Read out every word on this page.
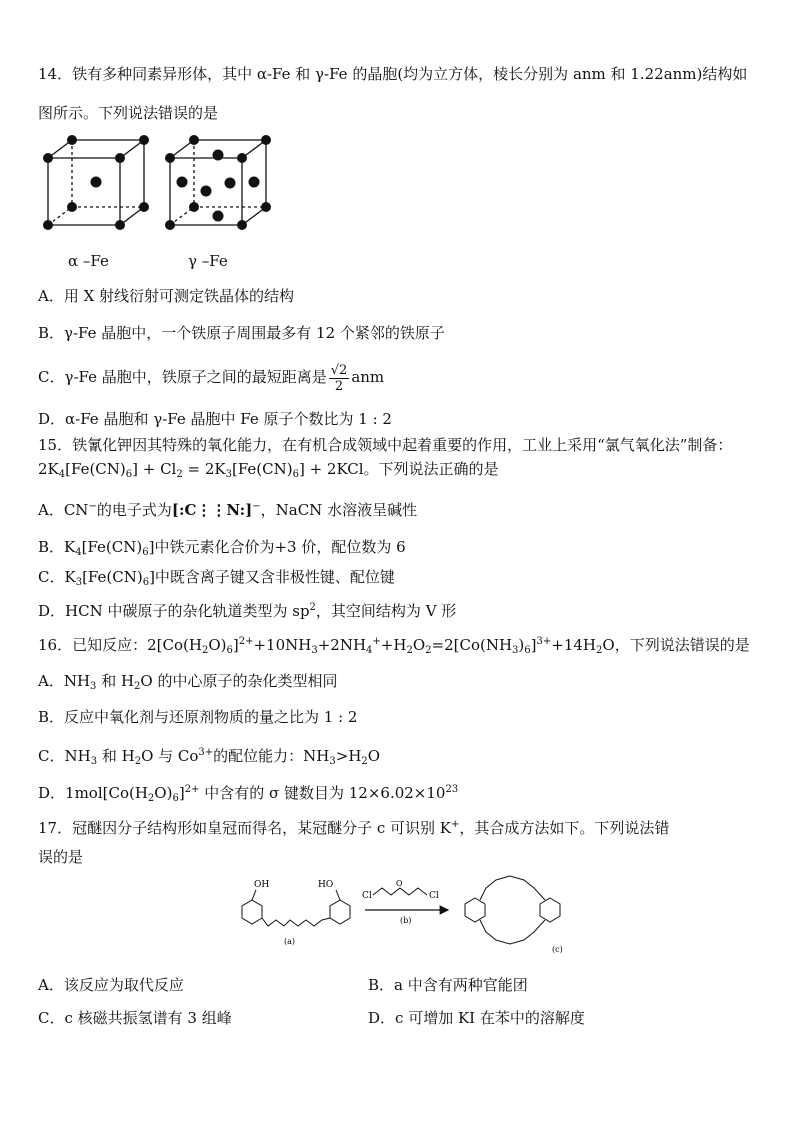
14．铁有多种同素异形体，其中 α-Fe 和 γ-Fe 的晶胞(均为立方体，棱长分别为 anm 和 1.22anm)结构如
图所示。下列说法错误的是
α –Fe	γ –Fe
A．用 X 射线衍射可测定铁晶体的结构
B．γ-Fe 晶胞中，一个铁原子周围最多有 12 个紧邻的铁原子
C．γ-Fe 晶胞中，铁原子之间的最短距离是 $\frac{√2}{2}$ anm
D．α-Fe 晶胞和 γ-Fe 晶胞中 Fe 原子个数比为 1 : 2
15．铁氰化钾因其特殊的氧化能力，在有机合成领域中起着重要的作用，工业上采用“氯气氧化法”制备：
$2K_4[Fe(CN)_6] + Cl_2 = 2K_3[Fe(CN)_6] + 2KCl$。下列说法正确的是
A．CN−的电子式为[:C⋮⋮N:]−，NaCN 水溶液呈碱性
B．$K_4[Fe(CN)_6]$中铁元素化合价为+3 价，配位数为 6
C．$K_3[Fe(CN)_6]$中既含离子键又含非极性键、配位键
D．HCN 中碳原子的杂化轨道类型为 $sp^2$，其空间结构为 V 形
16．已知反应：$2[Co(H_2O)_6]^{2+}+10NH_3+2NH_4^++H_2O_2=2[Co(NH_3)_6]^{3+}+14H_2O$，下列说法错误的是
A．$NH_3$ 和 $H_2O$ 的中心原子的杂化类型相同
B．反应中氧化剂与还原剂物质的量之比为 1 : 2
C．$NH_3$ 和 $H_2O$ 与 $Co^{3+}$的配位能力：$NH_3>H_2O$
D．$1mol[Co(H_2O)_6]^{2+}$ 中含有的 σ 键数目为 $12\times 6.02\times 10^{23}$
17．冠醚因分子结构形如皇冠而得名，某冠醚分子 c 可识别 K+，其合成方法如下。下列说法错
误的是
OH	HO
(a)
Cl	Cl
O
(b)
(c)
A．该反应为取代反应	B．a 中含有两种官能团
C．c 核磁共振氢谱有 3 组峰	D．c 可增加 KI 在苯中的溶解度
